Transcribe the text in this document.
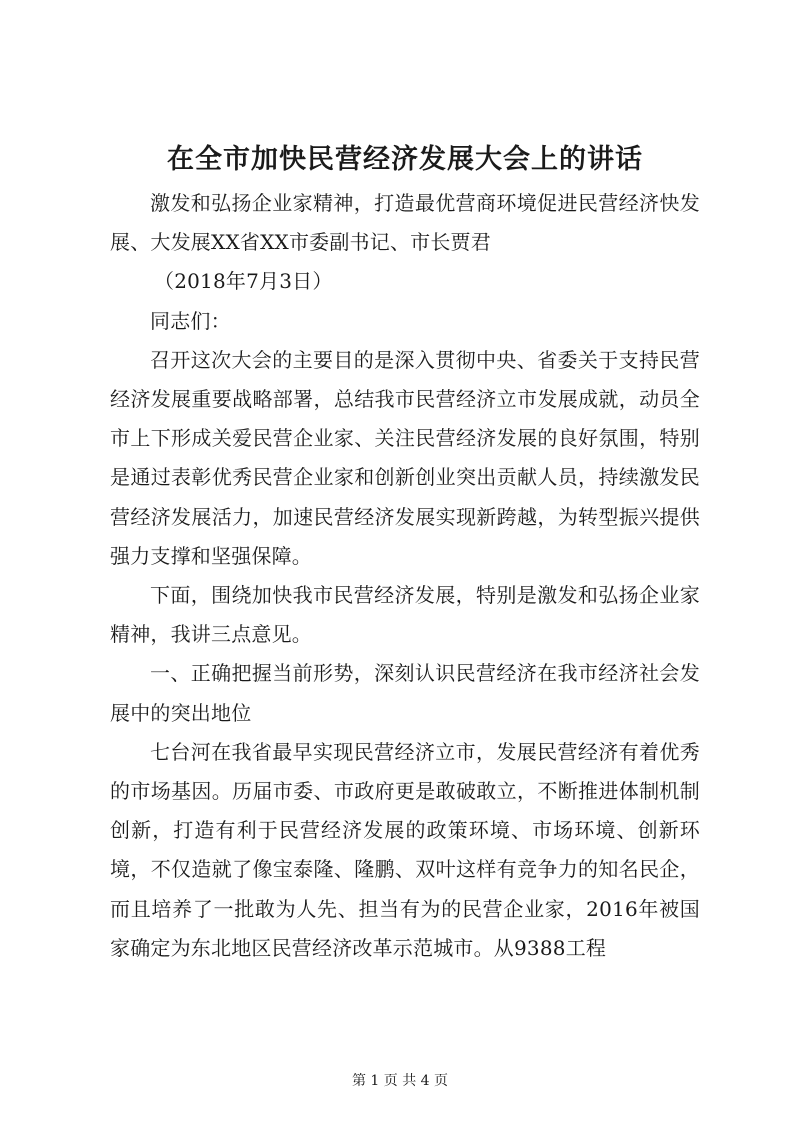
在全市加快民营经济发展大会上的讲话

激发和弘扬企业家精神，打造最优营商环境促进民营经济快发展、大发展XX省XX市委副书记、市长贾君

（2018年7月3日）

同志们：

召开这次大会的主要目的是深入贯彻中央、省委关于支持民营经济发展重要战略部署，总结我市民营经济立市发展成就，动员全市上下形成关爱民营企业家、关注民营经济发展的良好氛围，特别是通过表彰优秀民营企业家和创新创业突出贡献人员，持续激发民营经济发展活力，加速民营经济发展实现新跨越，为转型振兴提供强力支撑和坚强保障。

下面，围绕加快我市民营经济发展，特别是激发和弘扬企业家精神，我讲三点意见。

一、正确把握当前形势，深刻认识民营经济在我市经济社会发展中的突出地位

七台河在我省最早实现民营经济立市，发展民营经济有着优秀的市场基因。历届市委、市政府更是敢破敢立，不断推进体制机制创新，打造有利于民营经济发展的政策环境、市场环境、创新环境，不仅造就了像宝泰隆、隆鹏、双叶这样有竞争力的知名民企，而且培养了一批敢为人先、担当有为的民营企业家，2016年被国家确定为东北地区民营经济改革示范城市。从9388工程

第 1 页 共 4 页
